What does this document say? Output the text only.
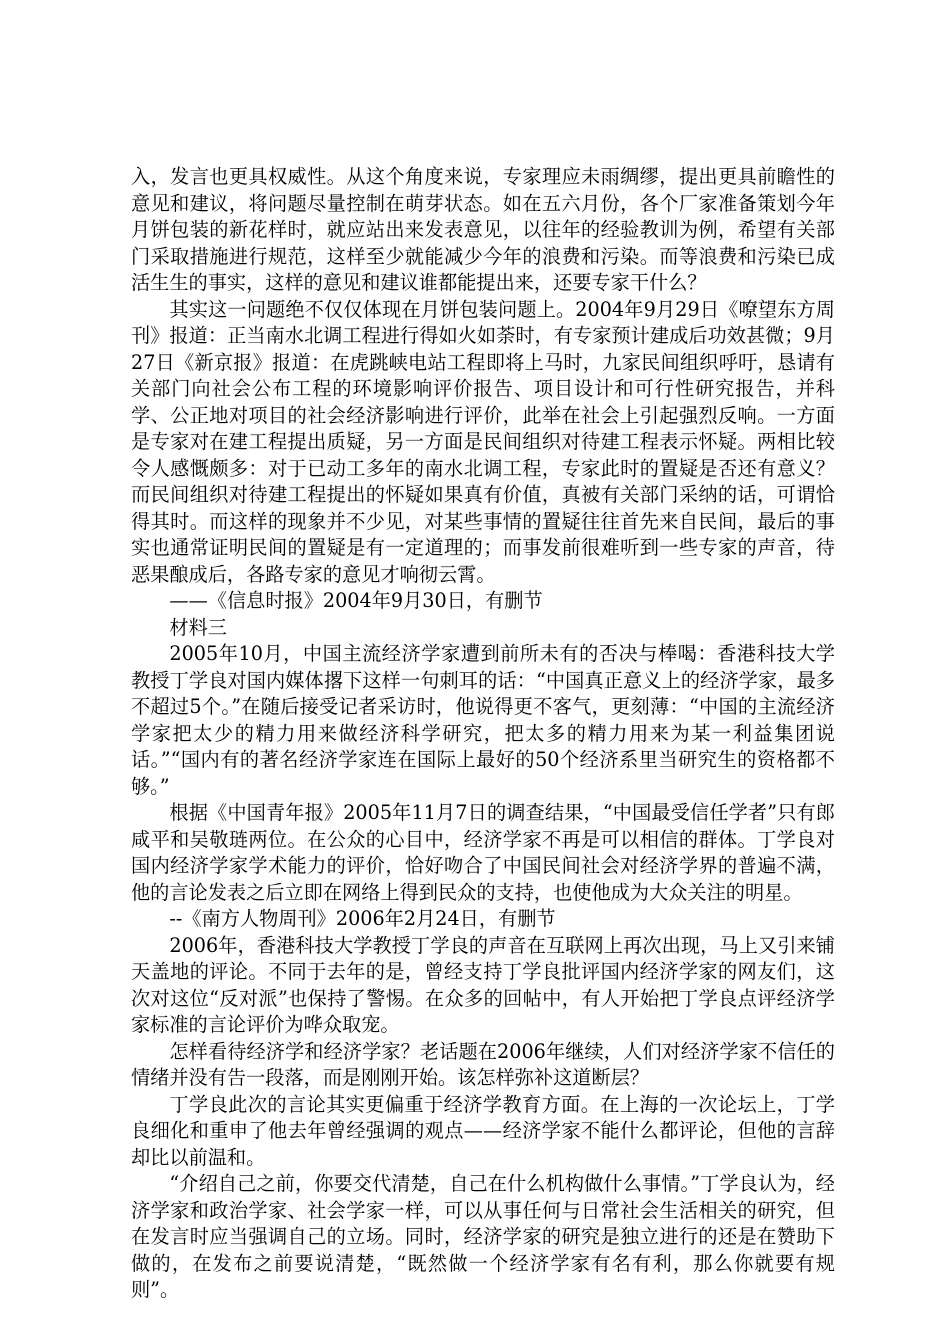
入，发言也更具权威性。从这个角度来说，专家理应未雨绸缪，提出更具前瞻性的意见和建议，将问题尽量控制在萌芽状态。如在五六月份，各个厂家准备策划今年月饼包装的新花样时，就应站出来发表意见，以往年的经验教训为例，希望有关部门采取措施进行规范，这样至少就能减少今年的浪费和污染。而等浪费和污染已成活生生的事实，这样的意见和建议谁都能提出来，还要专家干什么？

其实这一问题绝不仅仅体现在月饼包装问题上。2004年9月29日《嘹望东方周刊》报道：正当南水北调工程进行得如火如荼时，有专家预计建成后功效甚微；9月27日《新京报》报道：在虎跳峡电站工程即将上马时，九家民间组织呼吁，恳请有关部门向社会公布工程的环境影响评价报告、项目设计和可行性研究报告，并科学、公正地对项目的社会经济影响进行评价，此举在社会上引起强烈反响。一方面是专家对在建工程提出质疑，另一方面是民间组织对待建工程表示怀疑。两相比较令人感慨颇多：对于已动工多年的南水北调工程，专家此时的置疑是否还有意义？而民间组织对待建工程提出的怀疑如果真有价值，真被有关部门采纳的话，可谓恰得其时。而这样的现象并不少见，对某些事情的置疑往往首先来自民间，最后的事实也通常证明民间的置疑是有一定道理的；而事发前很难听到一些专家的声音，待恶果酿成后，各路专家的意见才响彻云霄。

——《信息时报》2004年9月30日，有删节

材料三

2005年10月，中国主流经济学家遭到前所未有的否决与棒喝：香港科技大学教授丁学良对国内媒体撂下这样一句刺耳的话：“中国真正意义上的经济学家，最多不超过5个。”在随后接受记者采访时，他说得更不客气，更刻薄：“中国的主流经济学家把太少的精力用来做经济科学研究，把太多的精力用来为某一利益集团说话。”“国内有的著名经济学家连在国际上最好的50个经济系里当研究生的资格都不够。”

根据《中国青年报》2005年11月7日的调查结果，“中国最受信任学者”只有郎咸平和吴敬琏两位。在公众的心目中，经济学家不再是可以相信的群体。丁学良对国内经济学家学术能力的评价，恰好吻合了中国民间社会对经济学界的普遍不满，他的言论发表之后立即在网络上得到民众的支持，也使他成为大众关注的明星。

--《南方人物周刊》2006年2月24日，有删节

2006年，香港科技大学教授丁学良的声音在互联网上再次出现，马上又引来铺天盖地的评论。不同于去年的是，曾经支持丁学良批评国内经济学家的网友们，这次对这位“反对派”也保持了警惕。在众多的回帖中，有人开始把丁学良点评经济学家标准的言论评价为哗众取宠。

怎样看待经济学和经济学家？老话题在2006年继续，人们对经济学家不信任的情绪并没有告一段落，而是刚刚开始。该怎样弥补这道断层？

丁学良此次的言论其实更偏重于经济学教育方面。在上海的一次论坛上，丁学良细化和重申了他去年曾经强调的观点——经济学家不能什么都评论，但他的言辞却比以前温和。

“介绍自己之前，你要交代清楚，自己在什么机构做什么事情。”丁学良认为，经济学家和政治学家、社会学家一样，可以从事任何与日常社会生活相关的研究，但在发言时应当强调自己的立场。同时，经济学家的研究是独立进行的还是在赞助下做的，在发布之前要说清楚，“既然做一个经济学家有名有利，那么你就要有规则”。
